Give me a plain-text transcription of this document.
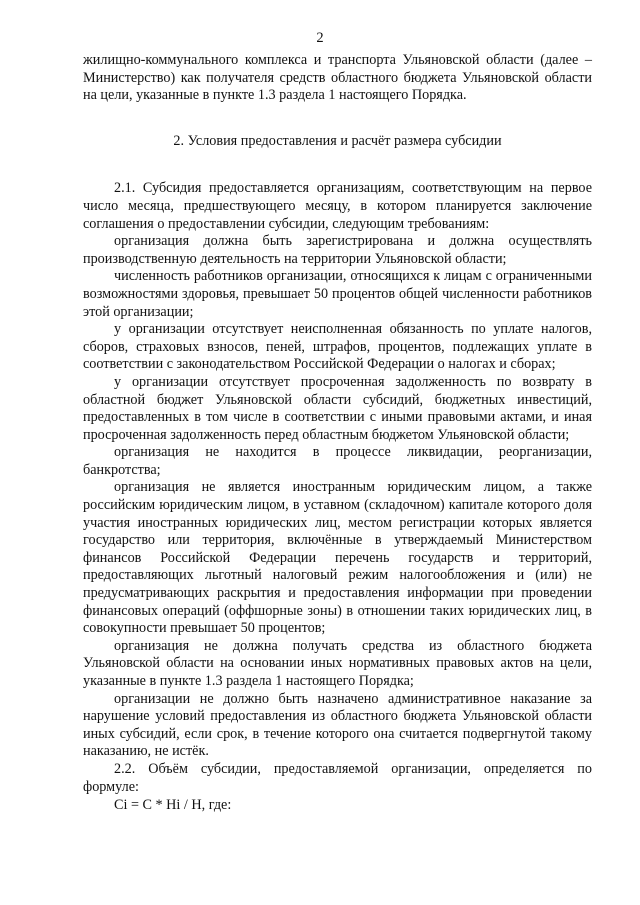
2

жилищно-коммунального комплекса и транспорта Ульяновской области (далее – Министерство) как получателя средств областного бюджета Ульяновской области на цели, указанные в пункте 1.3 раздела 1 настоящего Порядка.

2. Условия предоставления и расчёт размера субсидии

2.1. Субсидия предоставляется организациям, соответствующим на первое число месяца, предшествующего месяцу, в котором планируется заключение соглашения о предоставлении субсидии, следующим требованиям:

организация должна быть зарегистрирована и должна осуществлять производственную деятельность на территории Ульяновской области;

численность работников организации, относящихся к лицам с ограниченными возможностями здоровья, превышает 50 процентов общей численности работников этой организации;

у организации отсутствует неисполненная обязанность по уплате налогов, сборов, страховых взносов, пеней, штрафов, процентов, подлежащих уплате в соответствии с законодательством Российской Федерации о налогах и сборах;

у организации отсутствует просроченная задолженность по возврату в областной бюджет Ульяновской области субсидий, бюджетных инвестиций, предоставленных в том числе в соответствии с иными правовыми актами, и иная просроченная задолженность перед областным бюджетом Ульяновской области;

организация не находится в процессе ликвидации, реорганизации, банкротства;

организация не является иностранным юридическим лицом, а также российским юридическим лицом, в уставном (складочном) капитале которого доля участия иностранных юридических лиц, местом регистрации которых является государство или территория, включённые в утверждаемый Министерством финансов Российской Федерации перечень государств и территорий, предоставляющих льготный налоговый режим налогообложения и (или) не предусматривающих раскрытия и предоставления информации при проведении финансовых операций (оффшорные зоны) в отношении таких юридических лиц, в совокупности превышает 50 процентов;

организация не должна получать средства из областного бюджета Ульяновской области на основании иных нормативных правовых актов на цели, указанные в пункте 1.3 раздела 1 настоящего Порядка;

организации не должно быть назначено административное наказание за нарушение условий предоставления из областного бюджета Ульяновской области иных субсидий, если срок, в течение которого она считается подвергнутой такому наказанию, не истёк.

2.2. Объём субсидии, предоставляемой организации, определяется по формуле:

Ci = C * Hi / H, где:
